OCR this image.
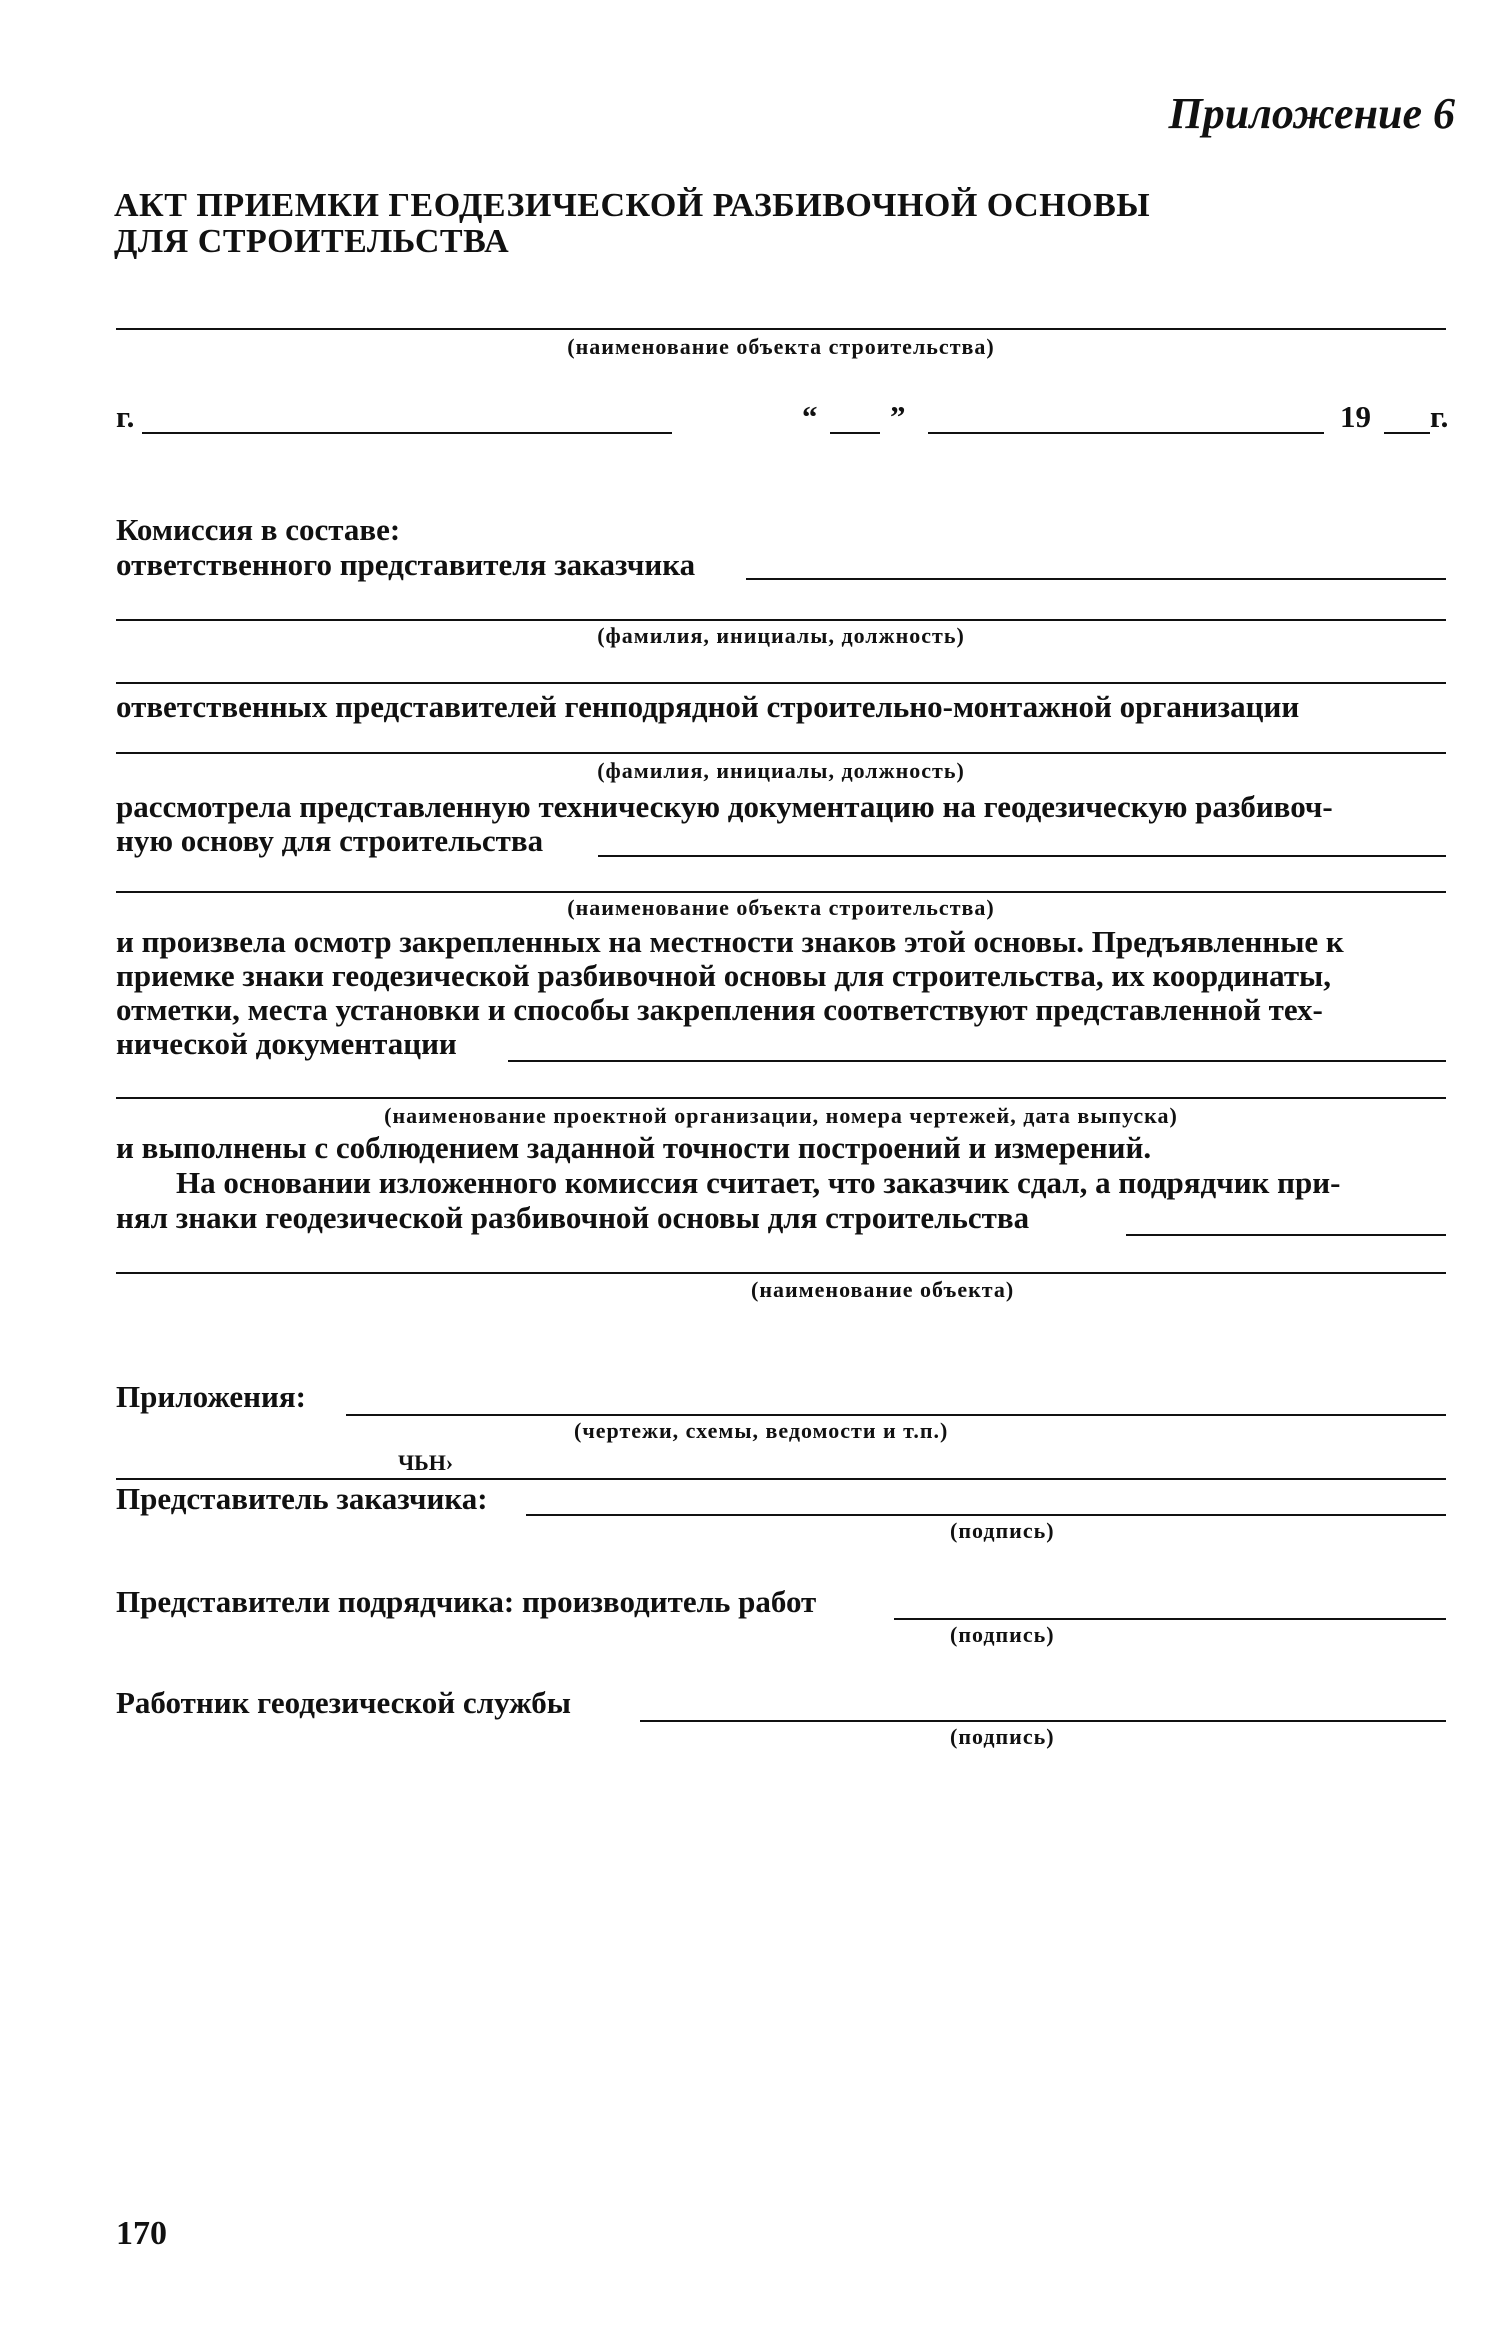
Приложение 6
АКТ ПРИЕМКИ ГЕОДЕЗИЧЕСКОЙ РАЗБИВОЧНОЙ ОСНОВЫ
ДЛЯ СТРОИТЕЛЬСТВА
(наименование объекта строительства)
г.	“ ”	19 г.
Комиссия в составе:
ответственного представителя заказчика
(фамилия, инициалы, должность)
ответственных представителей генподрядной строительно-монтажной организации
(фамилия, инициалы, должность)

рассмотрела представленную техническую документацию на геодезическую разбивоч-

ную основу для строительства

(наименование объекта строительства)

и произвела осмотр закрепленных на местности знаков этой основы. Предъявленные к

приемке знаки геодезической разбивочной основы для строительства, их координаты,

отметки, места установки и способы закрепления соответствуют представленной тех-

нической документации

(наименование проектной организации, номера чертежей, дата выпуска)
и выполнены с соблюдением заданной точности построений и измерений.
На основании изложенного комиссия считает, что заказчик сдал, а подрядчик при-
нял знаки геодезической разбивочной основы для строительства
(наименование объекта)
Приложения:
(чертежи, схемы, ведомости и т.п.)
ЧЬН›
Представитель заказчика:
(подпись)
Представители подрядчика: производитель работ
(подпись)
Работник геодезической службы
(подпись)
170
